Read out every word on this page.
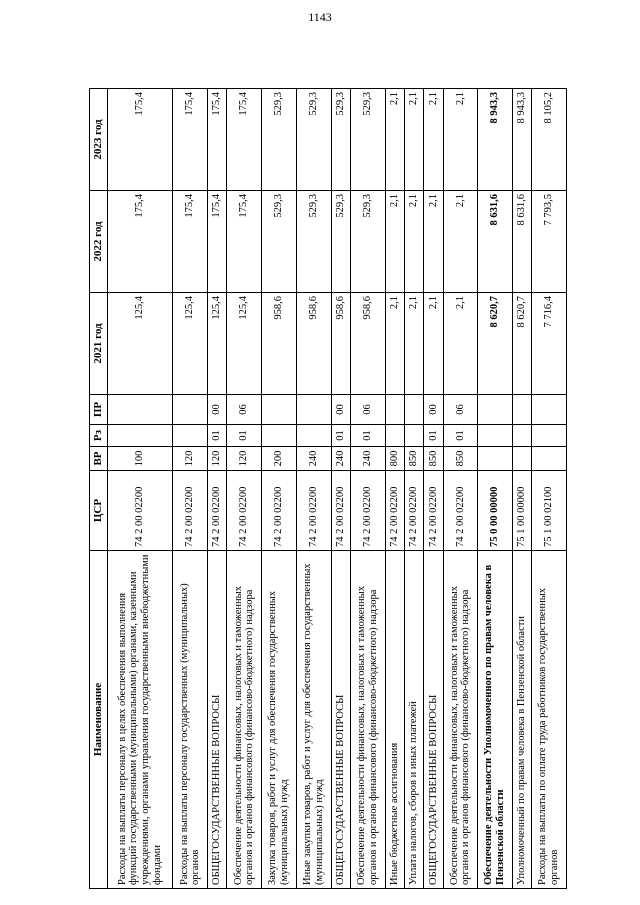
1143
Наименование	ЦСР	ВР	Рз	ПР	2021 год	2022 год	2023 год
Расходы на выплаты персоналу в целях обеспечения выполнения функций государственными (муниципальными) органами, казенными учреждениями, органами управления государственными внебюджетными фондами	74 2 00 02200	100			125,4	175,4	175,4
Расходы на выплаты персоналу государственных (муниципальных) органов	74 2 00 02200	120			125,4	175,4	175,4
ОБЩЕГОСУДАРСТВЕННЫЕ ВОПРОСЫ	74 2 00 02200	120	01	00	125,4	175,4	175,4
Обеспечение деятельности финансовых, налоговых и таможенных органов и органов финансового (финансово-бюджетного) надзора	74 2 00 02200	120	01	06	125,4	175,4	175,4
Закупка товаров, работ и услуг для обеспечения государственных (муниципальных) нужд	74 2 00 02200	200			958,6	529,3	529,3
Иные закупки товаров, работ и услуг для обеспечения государственных (муниципальных) нужд	74 2 00 02200	240			958,6	529,3	529,3
ОБЩЕГОСУДАРСТВЕННЫЕ ВОПРОСЫ	74 2 00 02200	240	01	00	958,6	529,3	529,3
Обеспечение деятельности финансовых, налоговых и таможенных органов и органов финансового (финансово-бюджетного) надзора	74 2 00 02200	240	01	06	958,6	529,3	529,3
Иные бюджетные ассигнования	74 2 00 02200	800			2,1	2,1	2,1
Уплата налогов, сборов и иных платежей	74 2 00 02200	850			2,1	2,1	2,1
ОБЩЕГОСУДАРСТВЕННЫЕ ВОПРОСЫ	74 2 00 02200	850	01	00	2,1	2,1	2,1
Обеспечение деятельности финансовых, налоговых и таможенных органов и органов финансового (финансово-бюджетного) надзора	74 2 00 02200	850	01	06	2,1	2,1	2,1
Обеспечение деятельности Уполномоченного по правам человека в Пензенской области	75 0 00 00000				8 620,7	8 631,6	8 943,3
Уполномоченный по правам человека в Пензенской области	75 1 00 00000				8 620,7	8 631,6	8 943,3
Расходы на выплаты по оплате труда работников государственных органов	75 1 00 02100				7 716,4	7 793,5	8 105,2
